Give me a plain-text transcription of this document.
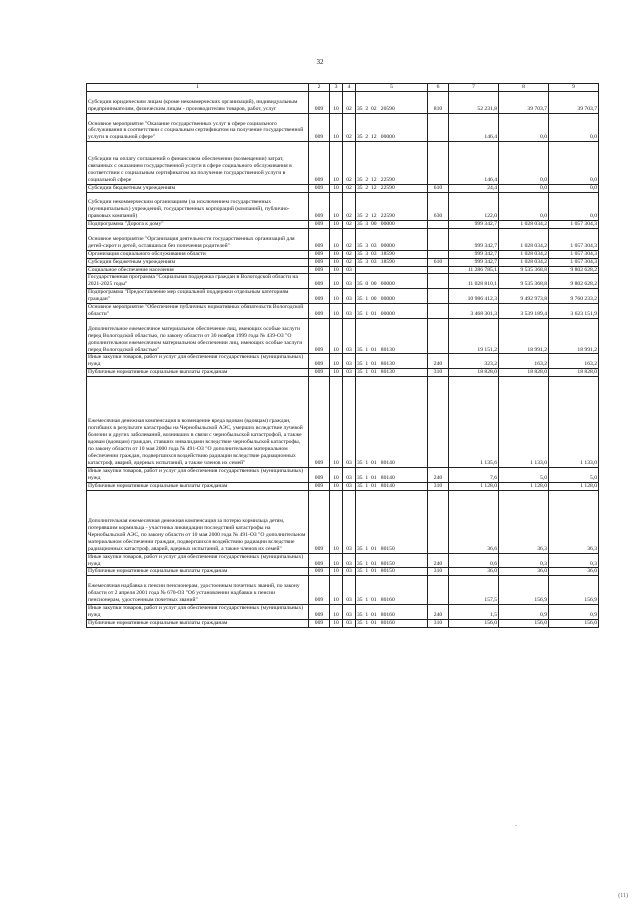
32
1	2	3	4	5	6	7	8	9
Субсидии юридическим лицам (кроме некоммерческих организаций), индивидуальным предпринимателям, физическим лицам - производителям товаров, работ, услуг	009	10	02	35  2  02   20590	810	52 231,8	39 703,7	39 703,7
Основное мероприятие "Оказание государственных услуг в сфере социального обслуживания в соответствии с социальным сертификатом на получение государственной услуги в социальной сфере"	009	10	02	35  2  12   00000		146,4	0,0	0,0
Субсидии на оплату соглашений о финансовом обеспечении (возмещении) затрат, связанных с оказанием государственной услуги в сфере социального обслуживания в соответствии с социальным сертификатом на получение государственной услуги в социальной сфере	009	10	02	35  2  12   22590		146,4	0,0	0,0
Субсидии бюджетным учреждениям	009	10	02	35  2  12   22590	610	24,4	0,0	0,0
Субсидии некоммерческим организациям (за исключением государственных (муниципальных) учреждений, государственных корпораций (компаний), публично-правовых компаний)	009	10	02	35  2  12   22590	630	122,0	0,0	0,0
Подпрограмма "Дорога к дому"	009	10	02	35  3  00   00000		999 342,7	1 028 034,2	1 057 304,3
Основное мероприятие "Организация деятельности государственных организаций для детей-сирот и детей, оставшихся без попечения родителей"	009	10	02	35  3  03   00000		999 342,7	1 028 034,2	1 057 304,3
Организация социального обслуживания области	009	10	02	35  3  03   18590		999 342,7	1 028 034,2	1 057 304,3
Субсидии бюджетным учреждениям	009	10	02	35  3  03   18590	610	999 342,7	1 028 034,2	1 057 304,3
Социальное обеспечение населения	009	10	03			11 286 785,1	9 535 368,8	9 802 628,2
Государственная программа "Социальная поддержка граждан в Вологодской области на 2021-2025 годы"	009	10	03	35  0  00   00000		11 028 810,1	9 535 368,8	9 802 628,2
Подпрограмма "Предоставление мер социальной поддержки отдельным категориям граждан"	009	10	03	35  1  00   00000		10 986 412,3	9 492 973,8	9 760 233,2
Основное мероприятие "Обеспечение публичных нормативных обязательств Вологодской области"	009	10	03	35  1  01   00000		3 468 301,3	3 539 189,4	3 623 151,9
Дополнительное ежемесячное материальное обеспечение лиц, имеющих особые заслуги перед Вологодской областью, по закону области от 30 ноября 1999 года № 439-ОЗ "О дополнительном ежемесячном материальном обеспечении лиц, имеющих особые заслуги перед Вологодской областью"	009	10	03	35  1  01   80130		19 151,2	18 991,2	18 991,2
Иные закупки товаров, работ и услуг для обеспечения государственных (муниципальных) нужд	009	10	03	35  1  01   80130	240	323,2	163,2	163,2
Публичные нормативные социальные выплаты гражданам	009	10	03	35  1  01   80130	310	18 828,0	18 828,0	18 828,0
Ежемесячная денежная компенсация в возмещение вреда вдовам (вдовцам) граждан, погибших в результате катастрофы на Чернобыльской АЭС, умерших вследствие лучевой болезни и других заболеваний, возникших в связи с чернобыльской катастрофой, а также вдовам (вдовцам) граждан, ставших инвалидами вследствие чернобыльской катастрофы, по закону области от 10 мая 2000 года № 491-ОЗ "О дополнительном материальном обеспечении граждан, подвергшихся воздействию радиации вследствие радиационных катастроф, аварий, ядерных испытаний, а также членов их семей"	009	10	03	35  1  01   80140		1 135,6	1 133,0	1 133,0
Иные закупки товаров, работ и услуг для обеспечения государственных (муниципальных) нужд	009	10	03	35  1  01   80140	240	7,6	5,0	5,0
Публичные нормативные социальные выплаты гражданам	009	10	03	35  1  01   80140	310	1 128,0	1 128,0	1 128,0
Дополнительная ежемесячная денежная компенсация за потерю кормильца детям, потерявшим кормильца - участника ликвидации последствий катастрофы на Чернобыльской АЭС, по закону области от 10 мая 2000 года № 491-ОЗ "О дополнительном материальном обеспечении граждан, подвергшихся воздействию радиации вследствие радиационных катастроф, аварий, ядерных испытаний, а также членов их семей"	009	10	03	35  1  01   80150		36,6	36,3	36,3
Иные закупки товаров, работ и услуг для обеспечения государственных (муниципальных) нужд	009	10	03	35  1  01   80150	240	0,6	0,3	0,3
Публичные нормативные социальные выплаты гражданам	009	10	03	35  1  01   80150	310	36,0	36,0	36,0
Ежемесячная надбавка к пенсии пенсионерам, удостоенным почетных званий, по закону области от 2 апреля 2001 года № 670-ОЗ "Об установлении надбавки к пенсии пенсионерам, удостоенным почетных званий"	009	10	03	35  1  01   80160		157,5	156,9	156,9
Иные закупки товаров, работ и услуг для обеспечения государственных (муниципальных) нужд	009	10	03	35  1  01   80160	240	1,5	0,9	0,9
Публичные нормативные социальные выплаты гражданам	009	10	03	35  1  01   80160	310	156,0	156,0	156,0
-
(11)
